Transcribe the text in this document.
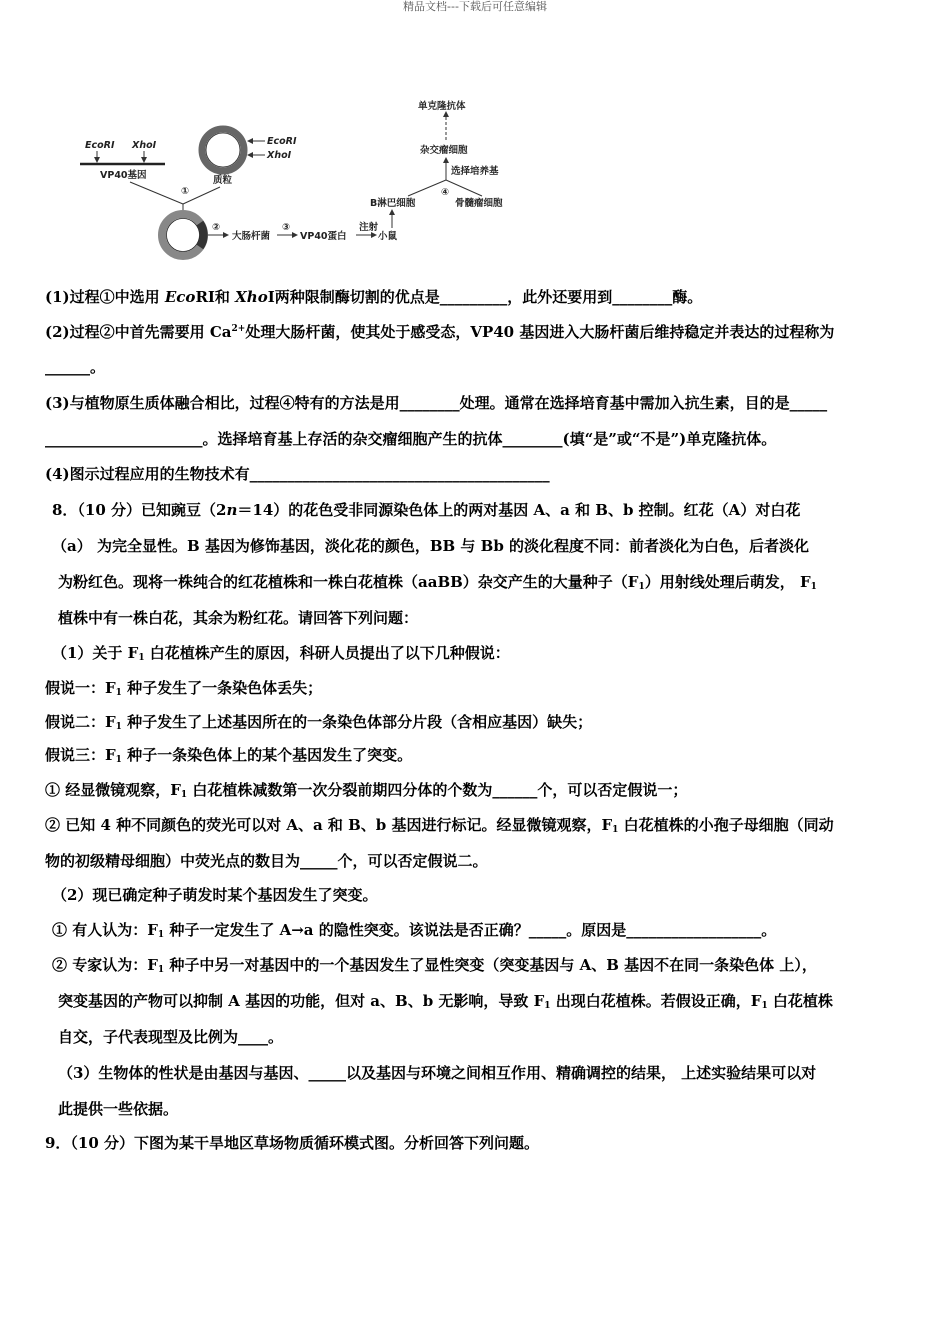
精品文档---下载后可任意编辑
EcoRⅠ XhoⅠ
VP40基因	质粒
EcoRⅠ
XhoⅠ
①
②
大肠杆菌
③
VP40蛋白
注射
小鼠
B淋巴细胞	骨髓瘤细胞
④
选择培养基
杂交瘤细胞
单克隆抗体
(1)过程①中选用 EcoRⅠ和 XhoⅠ两种限制酶切割的优点是_________，此外还要用到________酶。
(2)过程②中首先需要用 $Ca^{2+}$处理大肠杆菌，使其处于感受态，VP40 基因进入大肠杆菌后维持稳定并表达的过程称为
______。
(3)与植物原生质体融合相比，过程④特有的方法是用________处理。通常在选择培育基中需加入抗生素，目的是_____
_____________________。选择培育基上存活的杂交瘤细胞产生的抗体________(填“是”或“不是”)单克隆抗体。
(4)图示过程应用的生物技术有________________________________________
8．（10 分）已知豌豆（2n＝14）的花色受非同源染色体上的两对基因 A、a 和 B、b 控制。红花（A）对白花
（a） 为完全显性。B 基因为修饰基因，淡化花的颜色，BB 与 Bb 的淡化程度不同：前者淡化为白色，后者淡化
为粉红色。现将一株纯合的红花植株和一株白花植株（aaBB）杂交产生的大量种子$(F_1)$用射线处理后萌发， $F_1$
植株中有一株白花，其余为粉红花。请回答下列问题：
（1）关于 $F_1$ 白花植株产生的原因，科研人员提出了以下几种假说：
假说一：$F_1$ 种子发生了一条染色体丢失；
假说二：$F_1$ 种子发生了上述基因所在的一条染色体部分片段（含相应基因）缺失；
假说三：$F_1$ 种子一条染色体上的某个基因发生了突变。
① 经显微镜观察，$F_1$ 白花植株减数第一次分裂前期四分体的个数为______个，可以否定假说一；
② 已知 4 种不同颜色的荧光可以对 A、a 和 B、b 基因进行标记。经显微镜观察，$F_1$ 白花植株的小孢子母细胞（同动
物的初级精母细胞）中荧光点的数目为_____个，可以否定假说二。
（2）现已确定种子萌发时某个基因发生了突变。
① 有人认为：$F_1$ 种子一定发生了 A→a 的隐性突变。该说法是否正确？_____。原因是__________________。
② 专家认为：$F_1$ 种子中另一对基因中的一个基因发生了显性突变（突变基因与 A、B 基因不在同一条染色体 上），
突变基因的产物可以抑制 A 基因的功能，但对 a、B、b 无影响，导致 $F_1$ 出现白花植株。若假设正确，$F_1$ 白花植株
自交，子代表现型及比例为____。
（3）生物体的性状是由基因与基因、_____以及基因与环境之间相互作用、精确调控的结果， 上述实验结果可以对
此提供一些依据。
9．（10 分）下图为某干旱地区草场物质循环模式图。分析回答下列问题。
